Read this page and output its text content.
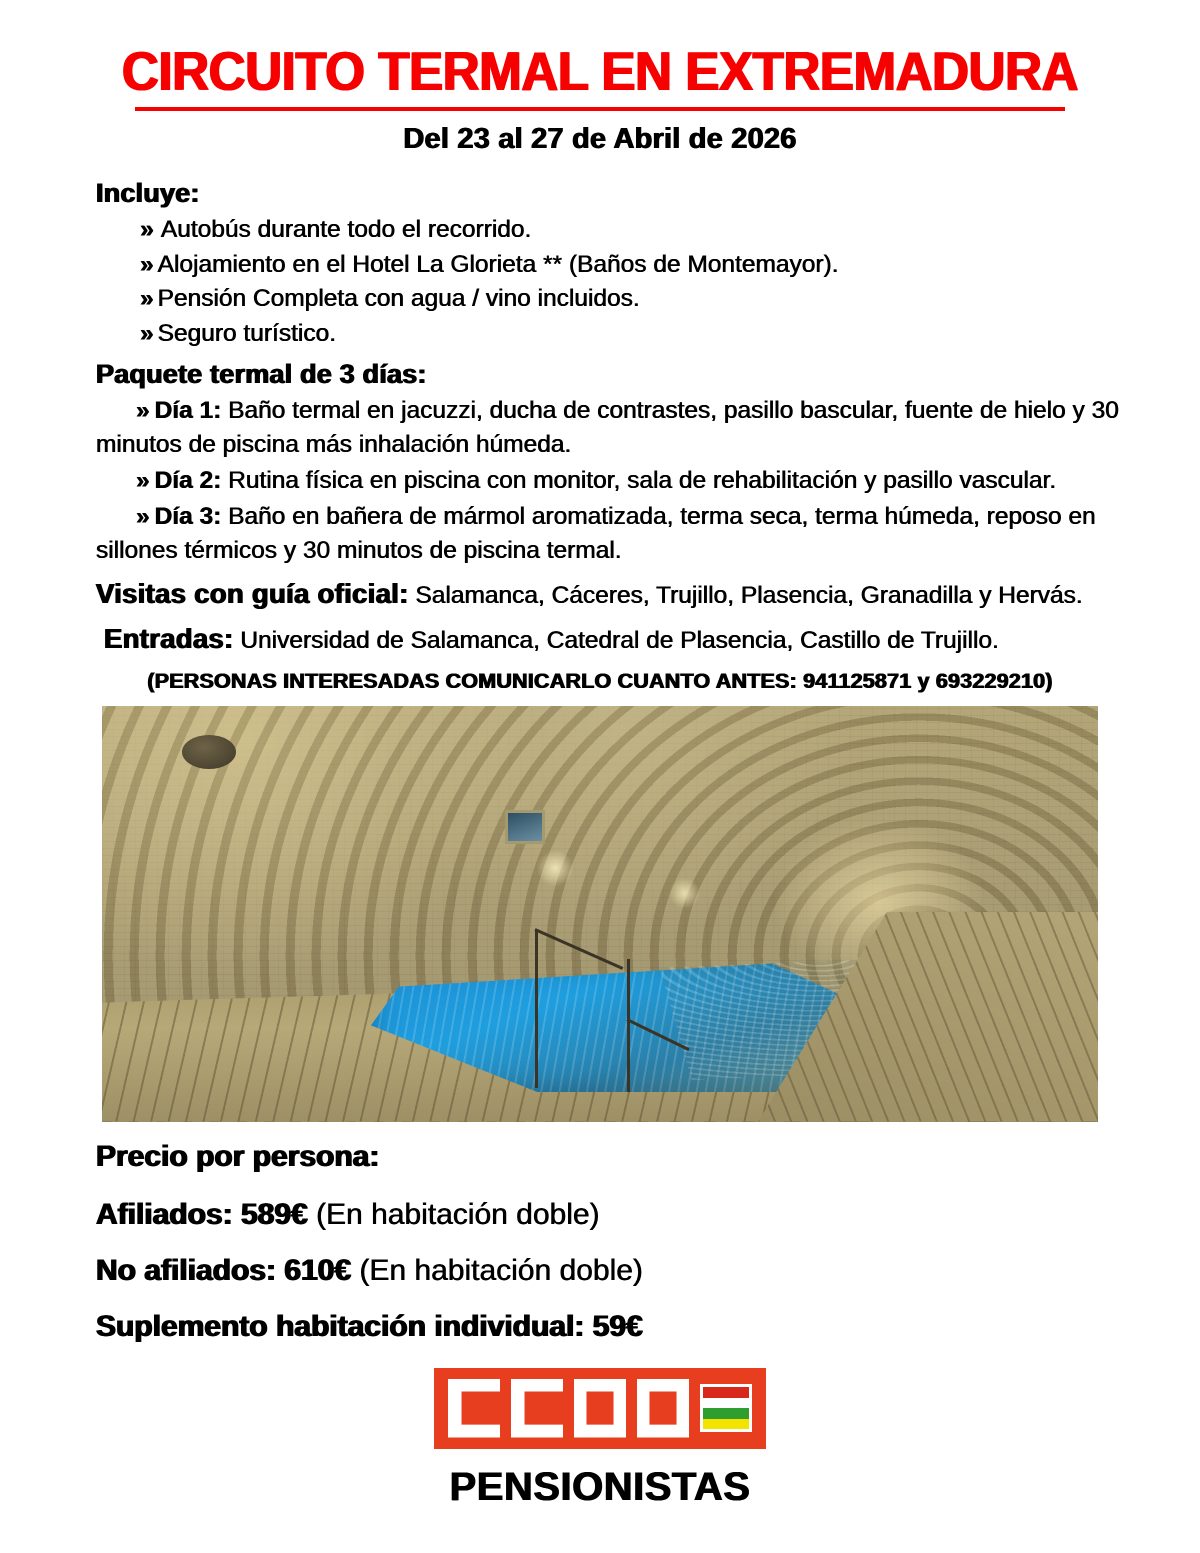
CIRCUITO TERMAL EN EXTREMADURA
Del 23 al 27 de Abril de 2026
Incluye:
» Autobús durante todo el recorrido.
» Alojamiento en el Hotel La Glorieta ** (Baños de Montemayor).
» Pensión Completa con agua / vino incluidos.
» Seguro turístico.
Paquete termal de 3 días:

» Día 1: Baño termal en jacuzzi, ducha de contrastes, pasillo bascular, fuente de hielo y 30 minutos de piscina más inhalación húmeda.

» Día 2: Rutina física en piscina con monitor, sala de rehabilitación y pasillo vascular.

» Día 3: Baño en bañera de mármol aromatizada, terma seca, terma húmeda, reposo en sillones térmicos y 30 minutos de piscina termal.

Visitas con guía oficial: Salamanca, Cáceres, Trujillo, Plasencia, Granadilla y Hervás.

Entradas: Universidad de Salamanca, Catedral de Plasencia, Castillo de Trujillo.

(PERSONAS INTERESADAS COMUNICARLO CUANTO ANTES: 941125871 y 693229210)

Precio por persona:
Afiliados: 589€ (En habitación doble)
No afiliados: 610€ (En habitación doble)
Suplemento habitación individual: 59€
PENSIONISTAS
